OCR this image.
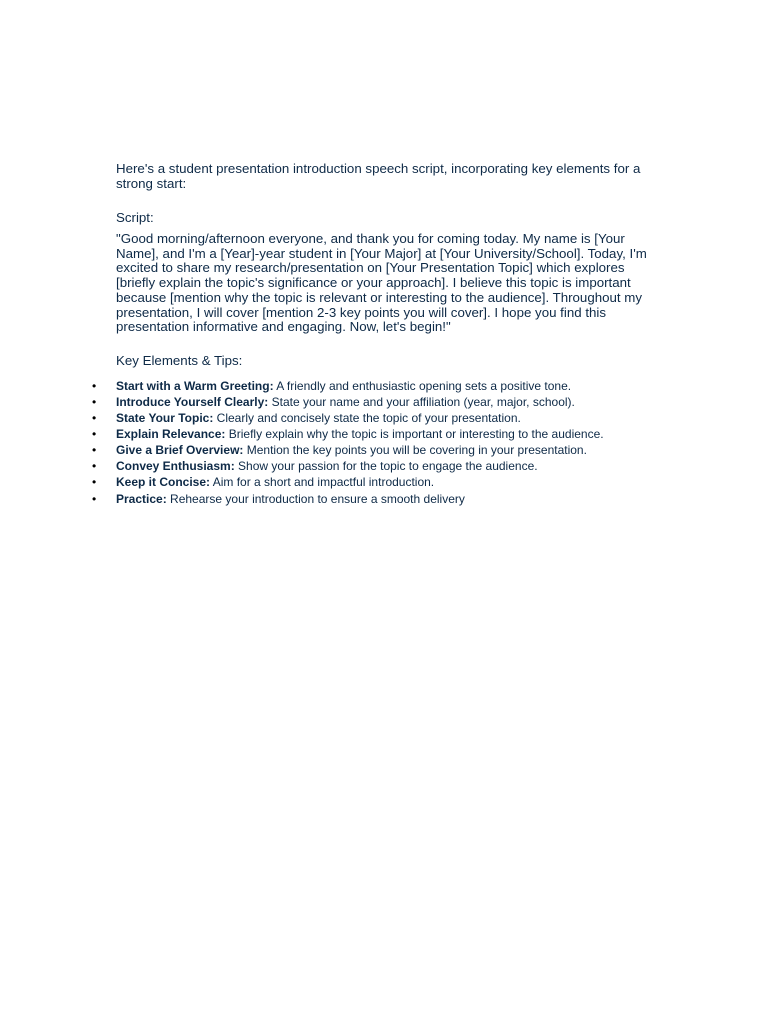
Here's a student presentation introduction speech script, incorporating key elements for a strong start:

Script:

"Good morning/afternoon everyone, and thank you for coming today. My name is [Your Name], and I'm a [Year]-year student in [Your Major] at [Your University/School]. Today, I'm excited to share my research/presentation on [Your Presentation Topic] which explores [briefly explain the topic's significance or your approach]. I believe this topic is important because [mention why the topic is relevant or interesting to the audience]. Throughout my presentation, I will cover [mention 2-3 key points you will cover]. I hope you find this presentation informative and engaging. Now, let's begin!"

Key Elements & Tips:

• Start with a Warm Greeting: A friendly and enthusiastic opening sets a positive tone.
• Introduce Yourself Clearly: State your name and your affiliation (year, major, school).
• State Your Topic: Clearly and concisely state the topic of your presentation.
• Explain Relevance: Briefly explain why the topic is important or interesting to the audience.
• Give a Brief Overview: Mention the key points you will be covering in your presentation.
• Convey Enthusiasm: Show your passion for the topic to engage the audience.
• Keep it Concise: Aim for a short and impactful introduction.
• Practice: Rehearse your introduction to ensure a smooth delivery
